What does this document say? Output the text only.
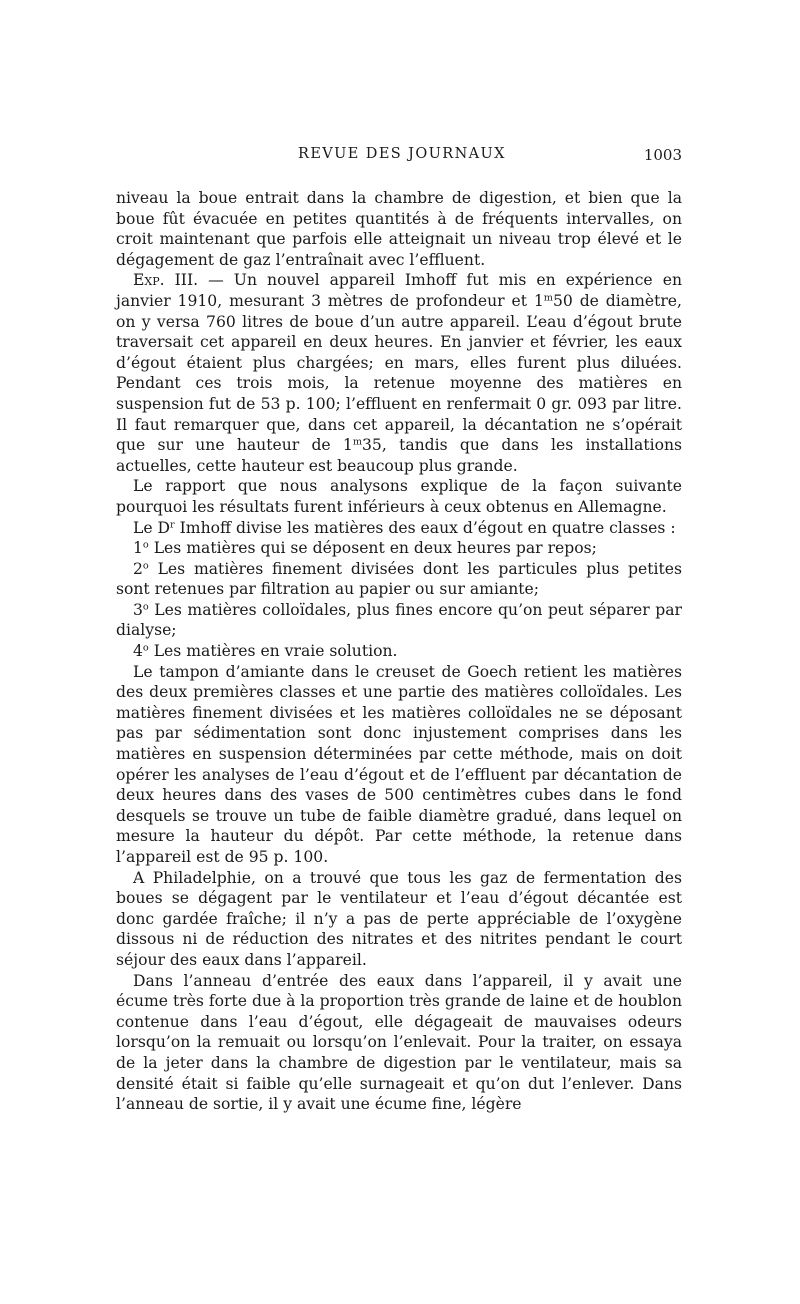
REVUE DES JOURNAUX	1003

niveau la boue entrait dans la chambre de digestion, et bien que la boue fût évacuée en petites quantités à de fréquents intervalles, on croit maintenant que parfois elle atteignait un niveau trop élevé et le dégagement de gaz l’entraînait avec l’effluent.

Exp. III. — Un nouvel appareil Imhoff fut mis en expérience en janvier 1910, mesurant 3 mètres de profondeur et 1$^m$50 de diamètre, on y versa 760 litres de boue d’un autre appareil. L’eau d’égout brute traversait cet appareil en deux heures. En janvier et février, les eaux d’égout étaient plus chargées; en mars, elles furent plus diluées. Pendant ces trois mois, la retenue moyenne des matières en suspension fut de 53 p. 100; l’effluent en renfermait 0 gr. 093 par litre. Il faut remarquer que, dans cet appareil, la décantation ne s’opérait que sur une hauteur de 1$^m$35, tandis que dans les installations actuelles, cette hauteur est beaucoup plus grande.

Le rapport que nous analysons explique de la façon suivante pourquoi les résultats furent inférieurs à ceux obtenus en Allemagne.

Le $D^r$ Imhoff divise les matières des eaux d’égout en quatre classes :

1$^o$ Les matières qui se déposent en deux heures par repos;

2$^o$ Les matières finement divisées dont les particules plus petites sont retenues par filtration au papier ou sur amiante;

3$^o$ Les matières colloïdales, plus fines encore qu’on peut séparer par dialyse;

4$^o$ Les matières en vraie solution.

Le tampon d’amiante dans le creuset de Goech retient les matières des deux premières classes et une partie des matières colloïdales. Les matières finement divisées et les matières colloïdales ne se déposant pas par sédimentation sont donc injustement comprises dans les matières en suspension déterminées par cette méthode, mais on doit opérer les analyses de l’eau d’égout et de l’effluent par décantation de deux heures dans des vases de 500 centimètres cubes dans le fond desquels se trouve un tube de faible diamètre gradué, dans lequel on mesure la hauteur du dépôt. Par cette méthode, la retenue dans l’appareil est de 95 p. 100.

A Philadelphie, on a trouvé que tous les gaz de fermentation des boues se dégagent par le ventilateur et l’eau d’égout décantée est donc gardée fraîche; il n’y a pas de perte appréciable de l’oxygène dissous ni de réduction des nitrates et des nitrites pendant le court séjour des eaux dans l’appareil.

Dans l’anneau d’entrée des eaux dans l’appareil, il y avait une écume très forte due à la proportion très grande de laine et de houblon contenue dans l’eau d’égout, elle dégageait de mauvaises odeurs lorsqu’on la remuait ou lorsqu’on l’enlevait. Pour la traiter, on essaya de la jeter dans la chambre de digestion par le ventilateur, mais sa densité était si faible qu’elle surnageait et qu’on dut l’enlever. Dans l’anneau de sortie, il y avait une écume fine, légère
